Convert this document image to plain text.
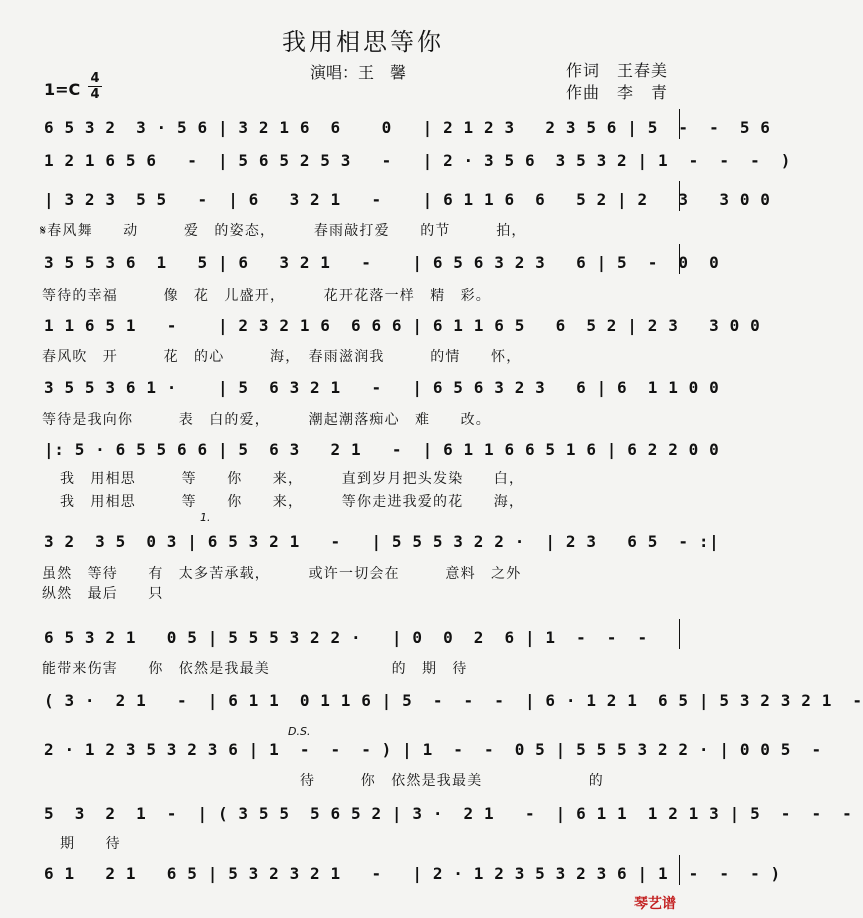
我用相思等你
演唱：王　馨	作词　王春美
作曲　李　青
1=C
4
4
6 5 3 2  3 · 5 6 | 3 2 1 6  6    0   | 2 1 2 3   2 3 5 6 | 5  -  -  5 6
1 2 1 6 5 6   -  | 5 6 5 2 5 3   -   | 2 · 3 5 6  3 5 3 2 | 1  -  -  -  )
| 3 2 3  5 5   -  | 6   3 2 1   -    | 6 1 1 6  6   5 2 | 2   3   3 0 0
𝄋春风舞　　动　　　爱　的姿态，　　　春雨敲打爱　　的节　　　拍，
3 5 5 3 6  1   5 | 6   3 2 1   -    | 6 5 6 3 2 3   6 | 5  -  0  0
等待的幸福　　　像　花　儿盛开，　　　花开花落一样　精　彩。
1 1 6 5 1   -    | 2 3 2 1 6  6 6 6 | 6 1 1 6 5   6  5 2 | 2 3   3 0 0
春风吹　开　　　花　的心　　　海，　春雨滋润我　　　的情　　怀，
3 5 5 3 6 1 ·    | 5  6 3 2 1   -   | 6 5 6 3 2 3   6 | 6  1 1 0 0
等待是我向你　　　表　白的爱，　　　潮起潮落痴心　难　　改。
|: 5 · 6 5 5 6 6 | 5  6 3   2 1   -  | 6 1 1 6 6 5 1 6 | 6 2 2 0 0
我　用相思　　　等　　你　　来，　　　直到岁月把头发染　　白，
我　用相思　　　等　　你　　来，　　　等你走进我爱的花　　海，
1.
3 2  3 5  0 3 | 6 5 3 2 1   -   | 5 5 5 3 2 2 ·  | 2 3   6 5  - :|
虽然　等待　　有　太多苦承载，　　　或许一切会在　　　意料　之外
纵然　最后　　只
6 5 3 2 1   0 5 | 5 5 5 3 2 2 ·   | 0  0  2  6 | 1  -  -  -
能带来伤害　　你　依然是我最美　　　　　　　　的　期　待
( 3 ·  2 1   -  | 6 1 1  0 1 1 6 | 5  -  -  -  | 6 · 1 2 1  6 5 | 5 3 2 3 2 1  -
D.S.
2 · 1 2 3 5 3 2 3 6 | 1  -  -  - ) | 1  -  -  0 5 | 5 5 5 3 2 2 · | 0 0 5  -
待　　　你　依然是我最美　　　　　　　的
5  3  2  1  -  | ( 3 5 5  5 6 5 2 | 3 ·  2 1   -  | 6 1 1  1 2 1 3 | 5  -  -  -
期　　待
6 1   2 1   6 5 | 5 3 2 3 2 1   -   | 2 · 1 2 3 5 3 2 3 6 | 1  -  -  - )
琴艺谱
